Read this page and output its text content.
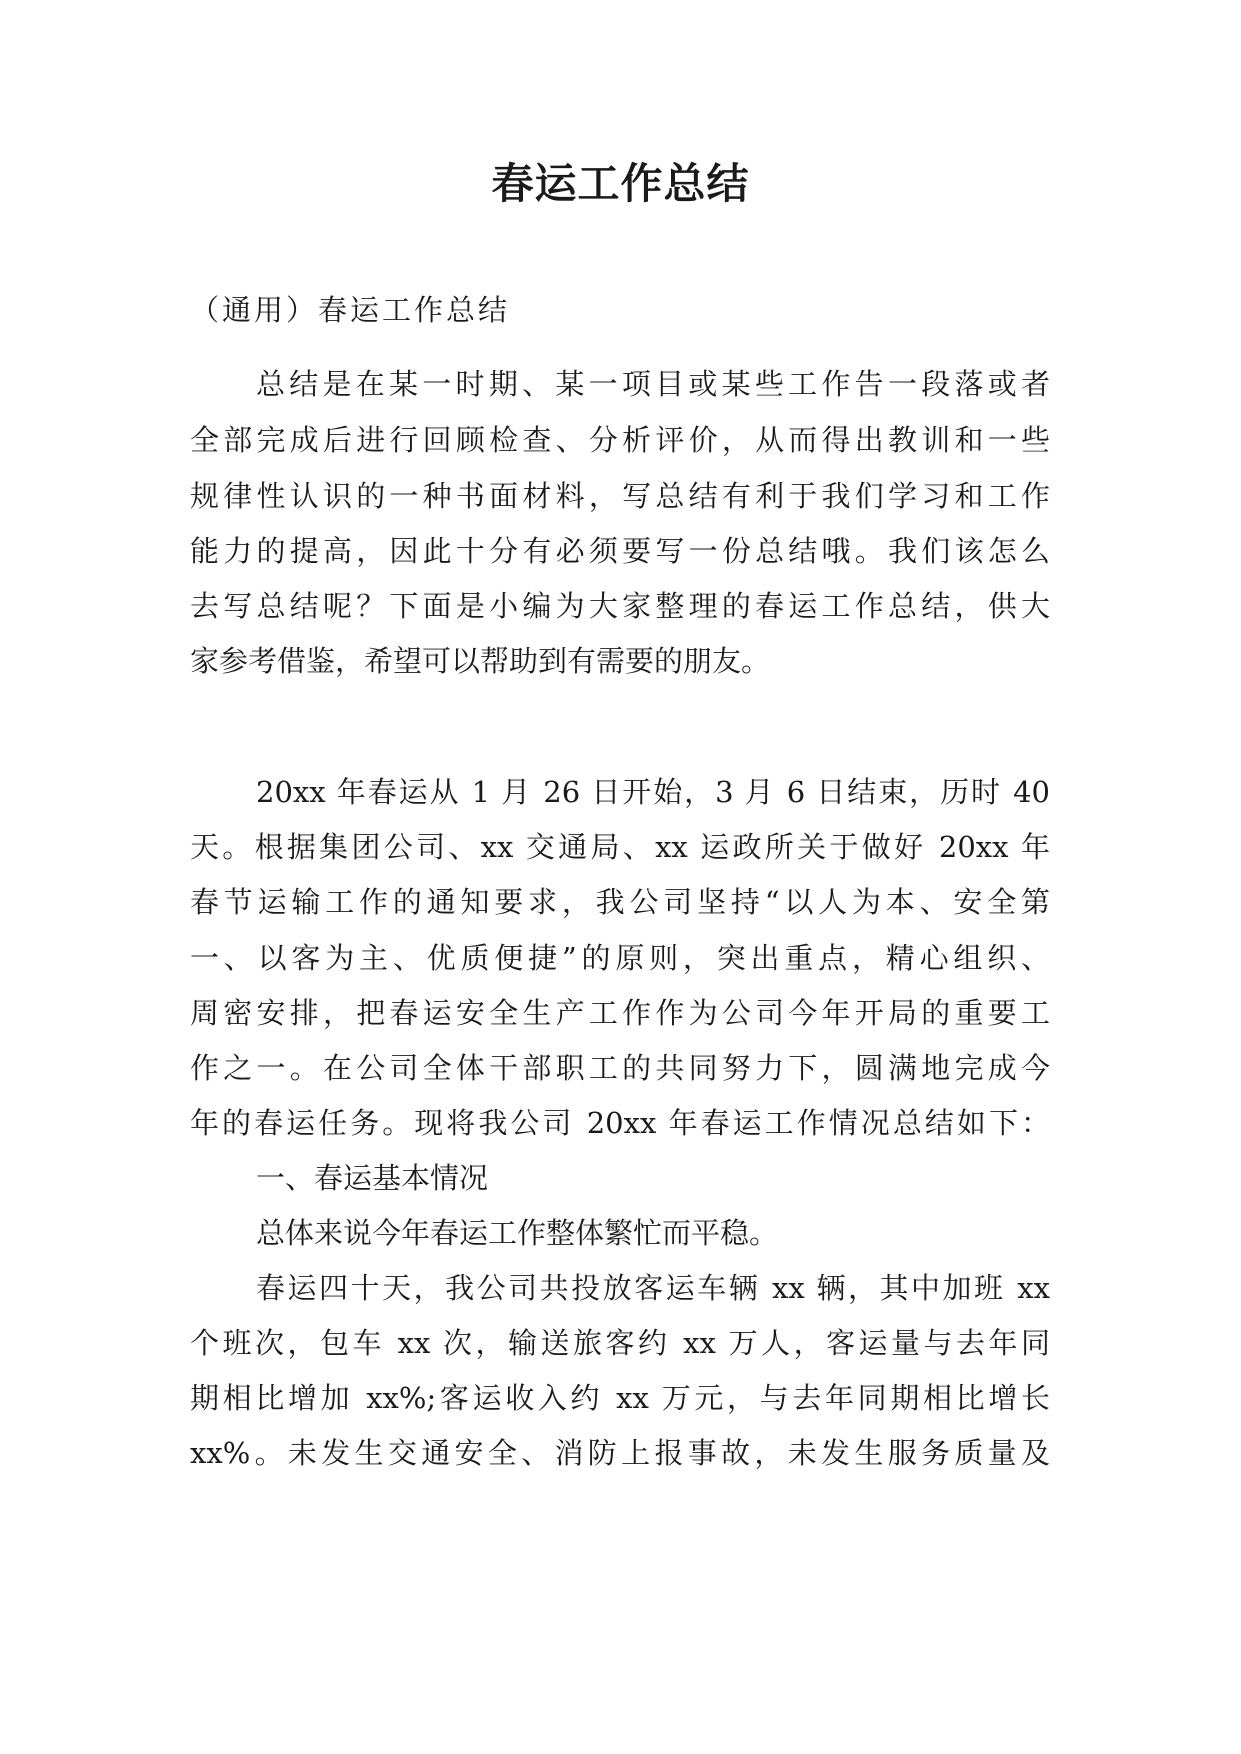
春运工作总结
（通用）春运工作总结
总结是在某一时期、某一项目或某些工作告一段落或者
全部完成后进行回顾检查、分析评价，从而得出教训和一些
规律性认识的一种书面材料，写总结有利于我们学习和工作
能力的提高，因此十分有必须要写一份总结哦。我们该怎么
去写总结呢？下面是小编为大家整理的春运工作总结，供大
家参考借鉴，希望可以帮助到有需要的朋友。
20xx 年春运从 1 月 26 日开始，3 月 6 日结束，历时 40
天。根据集团公司、xx 交通局、xx 运政所关于做好 20xx 年
春节运输工作的通知要求，我公司坚持“以人为本、安全第
一、以客为主、优质便捷”的原则，突出重点，精心组织、
周密安排，把春运安全生产工作作为公司今年开局的重要工
作之一。在公司全体干部职工的共同努力下，圆满地完成今
年的春运任务。现将我公司 20xx 年春运工作情况总结如下：
一、春运基本情况
总体来说今年春运工作整体繁忙而平稳。
春运四十天，我公司共投放客运车辆 xx 辆，其中加班 xx
个班次，包车 xx 次，输送旅客约 xx 万人，客运量与去年同
期相比增加 xx%;客运收入约 xx 万元，与去年同期相比增长
xx%。未发生交通安全、消防上报事故，未发生服务质量及
